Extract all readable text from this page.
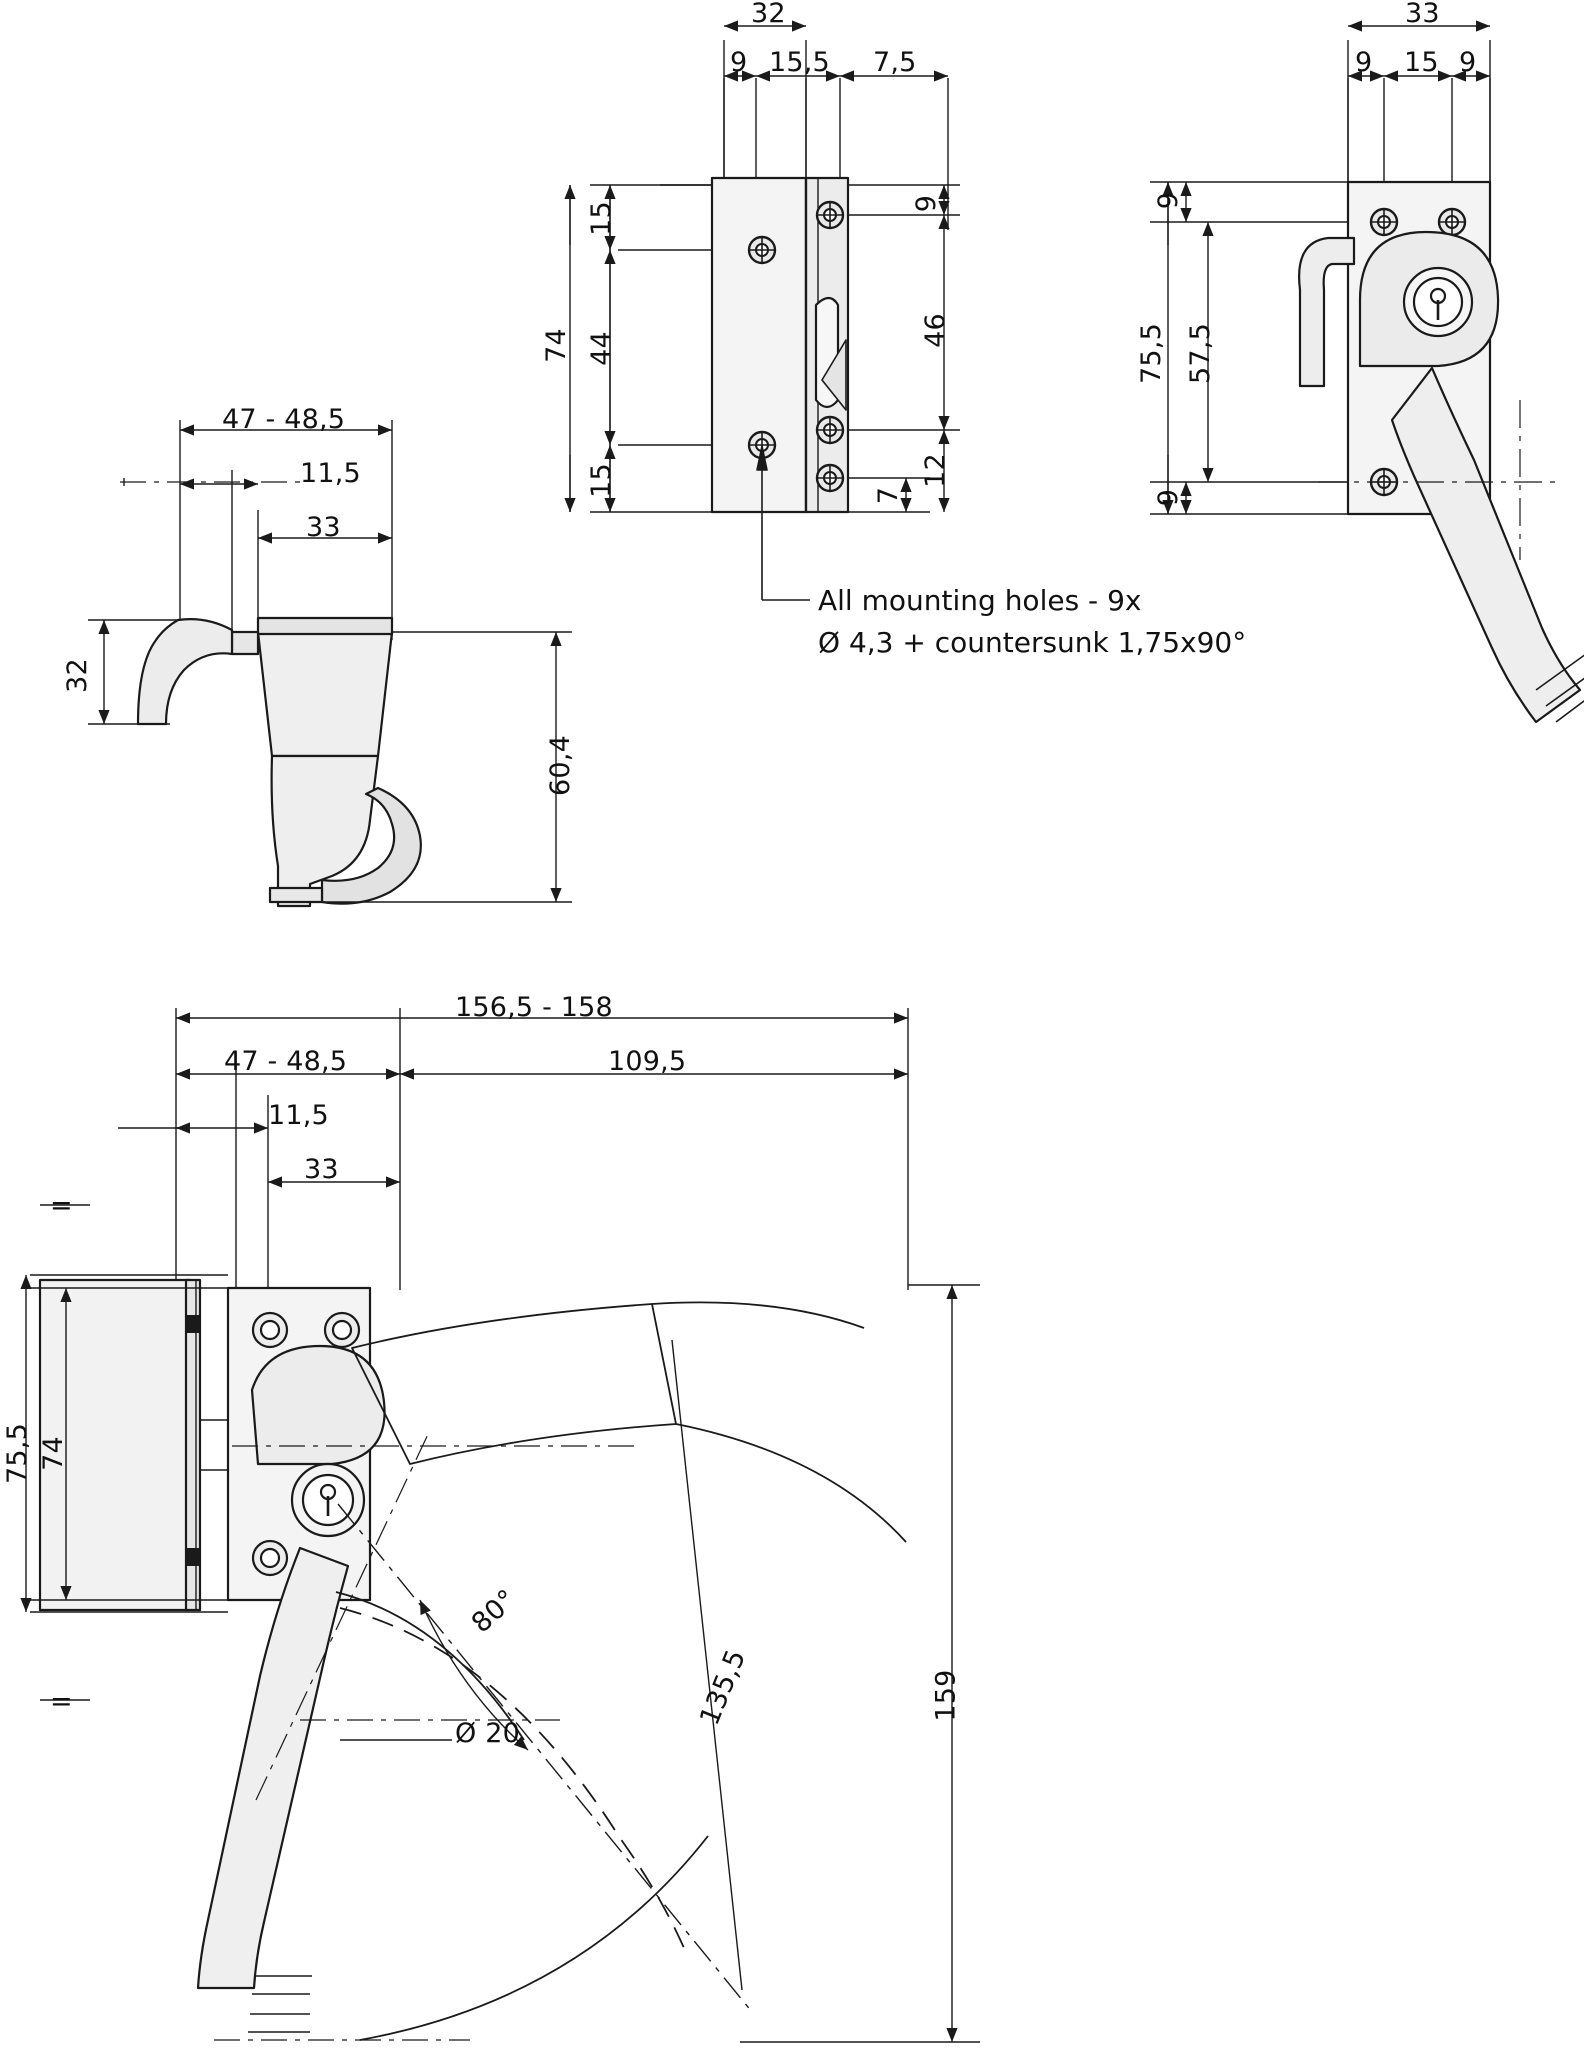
32
9 15,5 7,5
74
15
44
15
9
46
12
7
All mounting holes - 9x
Ø 4,3 + countersunk 1,75x90°
33
9 15 9
9
75,5 57,5
9
47 - 48,5
11,5
33
32
60,4
156,5 - 158
47 - 48,5	109,5
11,5
33
75,5 74
=
=
80°
135,5	159
Ø 20
